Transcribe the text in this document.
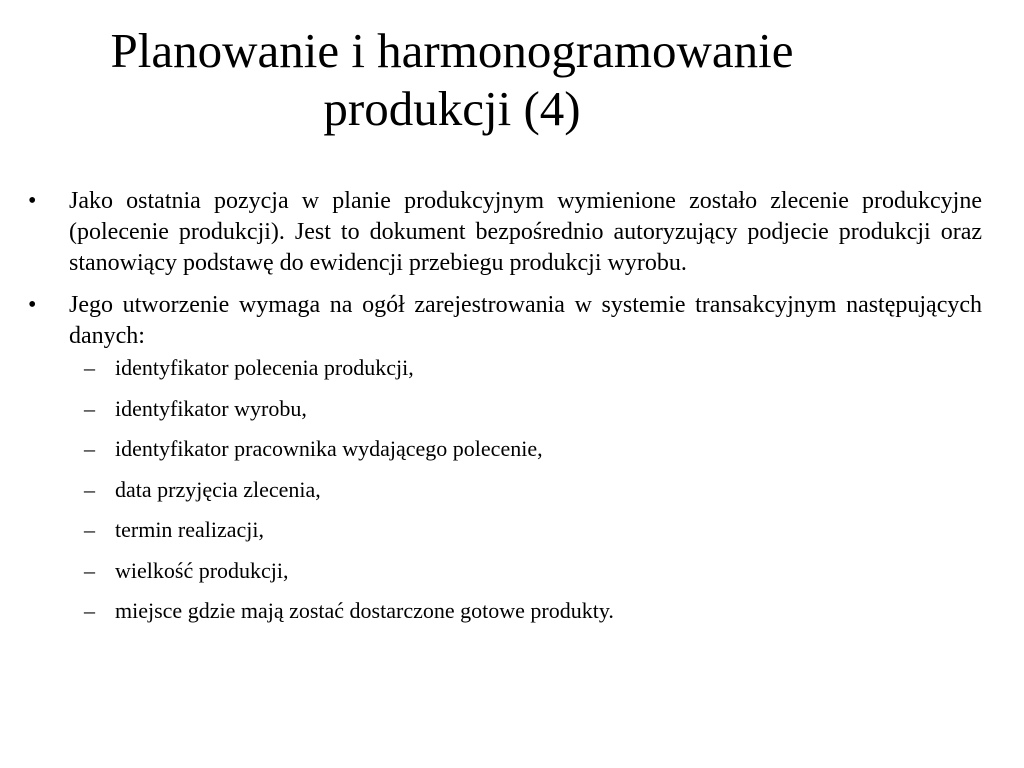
Planowanie i harmonogramowanie
produkcji (4)
• Jako ostatnia pozycja w planie produkcyjnym wymienione zostało zlecenie produkcyjne (polecenie produkcji). Jest to dokument bezpośrednio autoryzujący podjecie produkcji oraz stanowiący podstawę do ewidencji przebiegu produkcji wyrobu.
• Jego utworzenie wymaga na ogół zarejestrowania w systemie transakcyjnym następujących danych:
– identyfikator polecenia produkcji,
– identyfikator wyrobu,
– identyfikator pracownika wydającego polecenie,
– data przyjęcia zlecenia,
– termin realizacji,
– wielkość produkcji,
– miejsce gdzie mają zostać dostarczone gotowe produkty.
